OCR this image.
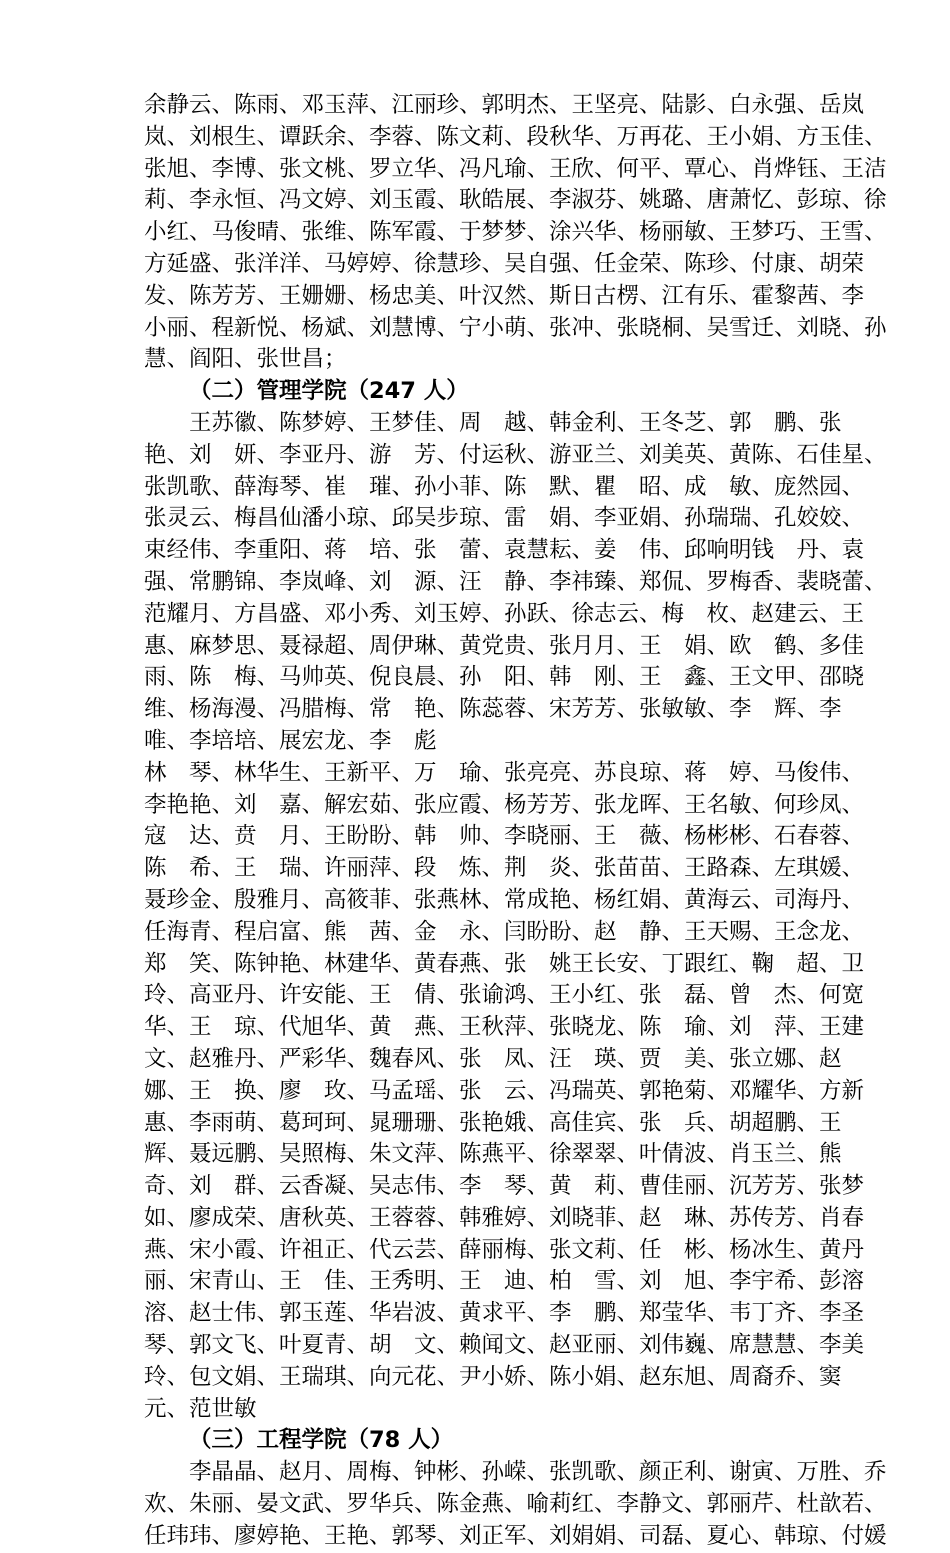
余静云、陈雨、邓玉萍、江丽珍、郭明杰、王坚亮、陆影、白永强、岳岚
岚、刘根生、谭跃余、李蓉、陈文莉、段秋华、万再花、王小娟、方玉佳、
张旭、李博、张文桃、罗立华、冯凡瑜、王欣、何平、覃心、肖烨钰、王洁
莉、李永恒、冯文婷、刘玉霞、耿皓展、李淑芬、姚璐、唐萧忆、彭琼、徐
小红、马俊晴、张维、陈军霞、于梦梦、涂兴华、杨丽敏、王梦巧、王雪、
方延盛、张洋洋、马婷婷、徐慧珍、吴自强、任金荣、陈珍、付康、胡荣
发、陈芳芳、王姗姗、杨忠美、叶汉然、斯日古楞、江有乐、霍黎茜、李
小丽、程新悦、杨斌、刘慧博、宁小萌、张冲、张晓桐、吴雪迁、刘晓、孙
慧、阎阳、张世昌；
（二）管理学院（247 人）
　　王苏徽、陈梦婷、王梦佳、周　越、韩金利、王冬芝、郭　鹏、张
艳、刘　妍、李亚丹、游　芳、付运秋、游亚兰、刘美英、黄陈、石佳星、
张凯歌、薛海琴、崔　璀、孙小菲、陈　默、瞿　昭、成　敏、庞然园、
张灵云、梅昌仙潘小琼、邱吴步琼、雷　娟、李亚娟、孙瑞瑞、孔姣姣、
束经伟、李重阳、蒋　培、张　蕾、袁慧耘、姜　伟、邱响明钱　丹、袁
强、常鹏锦、李岚峰、刘　源、汪　静、李祎臻、郑侃、罗梅香、裴晓蕾、
范耀月、方昌盛、邓小秀、刘玉婷、孙跃、徐志云、梅　枚、赵建云、王
惠、麻梦思、聂禄超、周伊琳、黄党贵、张月月、王　娟、欧　鹤、多佳
雨、陈　梅、马帅英、倪良晨、孙　阳、韩　刚、王　鑫、王文甲、邵晓
维、杨海漫、冯腊梅、常　艳、陈蕊蓉、宋芳芳、张敏敏、李　辉、李
唯、李培培、展宏龙、李　彪
林　琴、林华生、王新平、万　瑜、张亮亮、苏良琼、蒋　婷、马俊伟、
李艳艳、刘　嘉、解宏茹、张应霞、杨芳芳、张龙晖、王名敏、何珍凤、
寇　达、贲　月、王盼盼、韩　帅、李晓丽、王　薇、杨彬彬、石春蓉、
陈　希、王　瑞、许丽萍、段　炼、荆　炎、张苗苗、王路森、左琪媛、
聂珍金、殷雅月、高筱菲、张燕林、常成艳、杨红娟、黄海云、司海丹、
任海青、程启富、熊　茜、金　永、闫盼盼、赵　静、王天赐、王念龙、
郑　笑、陈钟艳、林建华、黄春燕、张　姚王长安、丁跟红、鞠　超、卫
玲、高亚丹、许安能、王　倩、张谕鸿、王小红、张　磊、曾　杰、何宽
华、王　琼、代旭华、黄　燕、王秋萍、张晓龙、陈　瑜、刘　萍、王建
文、赵雅丹、严彩华、魏春风、张　凤、汪　瑛、贾　美、张立娜、赵
娜、王　换、廖　玫、马孟瑶、张　云、冯瑞英、郭艳菊、邓耀华、方新
惠、李雨萌、葛珂珂、晁珊珊、张艳娥、高佳宾、张　兵、胡超鹏、王
辉、聂远鹏、吴照梅、朱文萍、陈燕平、徐翠翠、叶倩波、肖玉兰、熊
奇、刘　群、云香凝、吴志伟、李　琴、黄　莉、曹佳丽、沉芳芳、张梦
如、廖成荣、唐秋英、王蓉蓉、韩雅婷、刘晓菲、赵　琳、苏传芳、肖春
燕、宋小霞、许祖正、代云芸、薛丽梅、张文莉、任　彬、杨冰生、黄丹
丽、宋青山、王　佳、王秀明、王　迪、柏　雪、刘　旭、李宇希、彭溶
溶、赵士伟、郭玉莲、华岩波、黄求平、李　鹏、郑莹华、韦丁齐、李圣
琴、郭文飞、叶夏青、胡　文、赖闻文、赵亚丽、刘伟巍、席慧慧、李美
玲、包文娟、王瑞琪、向元花、尹小娇、陈小娟、赵东旭、周裔乔、窦
元、范世敏
（三）工程学院（78 人）
　　李晶晶、赵月、周梅、钟彬、孙嵘、张凯歌、颜正利、谢寅、万胜、乔
欢、朱丽、晏文武、罗华兵、陈金燕、喻莉红、李静文、郭丽芹、杜歆若、
任玮玮、廖婷艳、王艳、郭琴、刘正军、刘娟娟、司磊、夏心、韩琼、付媛
